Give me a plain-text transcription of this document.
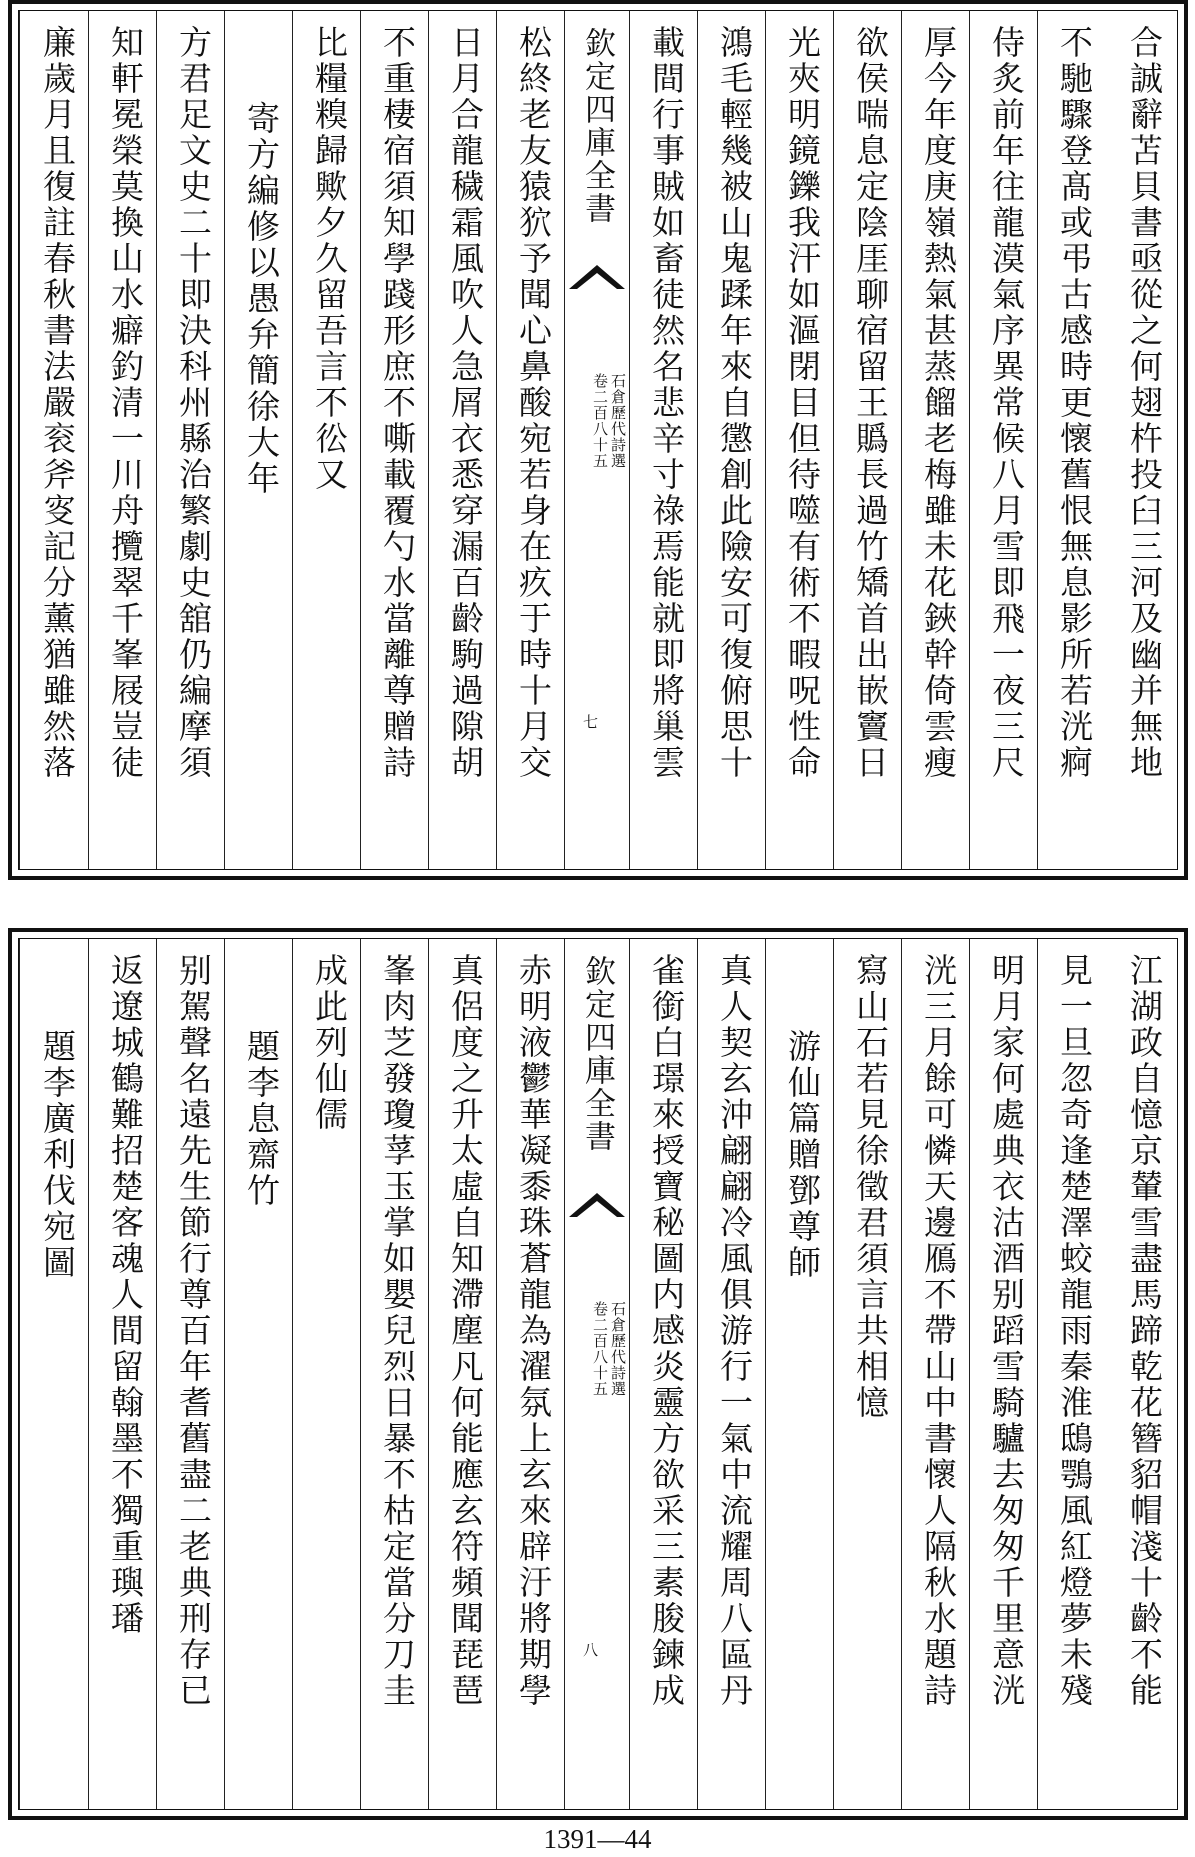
合誠辭苫貝書亟從之何翅杵投臼三河及幽并無地
不馳驟登髙或弔古感時更懷舊恨無息影所若洸痾
侍炙前年往龍漠氣序異常候八月雪即飛一夜三尺
厚今年度庚嶺熱氣甚蒸餾老梅雖未花鋏幹倚雲瘦
欲侯喘息定陰厓聊宿留王䞈長過竹矯首出嵌竇日
光夾明鏡鑠我汗如漚閉目但待噬有術不暇呪性命
鴻毛輕幾被山鬼蹂年來自懲創此險安可復俯思十
載間行事賊如畜徒然名悲辛寸祿焉能就即將巢雲
欽定四庫全書
石倉歷代詩選
卷二百八十五
七
松終老友猿狖予聞心鼻酸宛若身在疚于時十月交
日月合龍穢霜風吹人急屑衣悉穿漏百齡駒過隙胡
不重棲宿須知學踐形庶不嘶載覆勺水當離尊贈詩
比糧糗歸歟夕久留吾言不彸又
寄方編修以愚弁簡徐大年
方君足文史二十即決科州縣治繁劇史舘仍編摩須
知軒冕榮莫換山水癖釣清一川舟攬翠千峯屐豈徒
廉歲月且復註春秋書法嚴衮斧叜記分薰猶雖然落
江湖政自憶京輦雪盡馬蹄乾花簪貂帽淺十齡不能
見一旦忽奇逢楚澤蛟龍雨秦淮鴟鶚風紅燈夢未殘
明月家何處典衣沽酒别蹈雪騎驢去匆匆千里意洸
洸三月餘可憐天邊鴈不帶山中書懷人隔秋水題詩
寫山石若見徐徵君須言共相憶
游仙篇贈鄧尊師
真人契玄沖翩翩冷風俱游行一氣中流耀周八區丹
雀銜白璟來授寶秘圖内感炎靈方欲采三素朘鍊成
欽定四庫全書
石倉歷代詩選
卷二百八十五
八
赤明液鬱華凝黍珠蒼龍為濯氛上玄來辟汙將期學
真侶度之升太虛自知滯塵凡何能應玄符頻聞琵琶
峯肉芝發瓊莩玉掌如嬰兒烈日暴不枯定當分刀圭
成此列仙儒
題李息齋竹
别駕聲名遠先生節行尊百年耆舊盡二老典刑存已
返遼城鶴難招楚客魂人間留翰墨不獨重璵璠
題李廣利伐宛圖
1391—44
